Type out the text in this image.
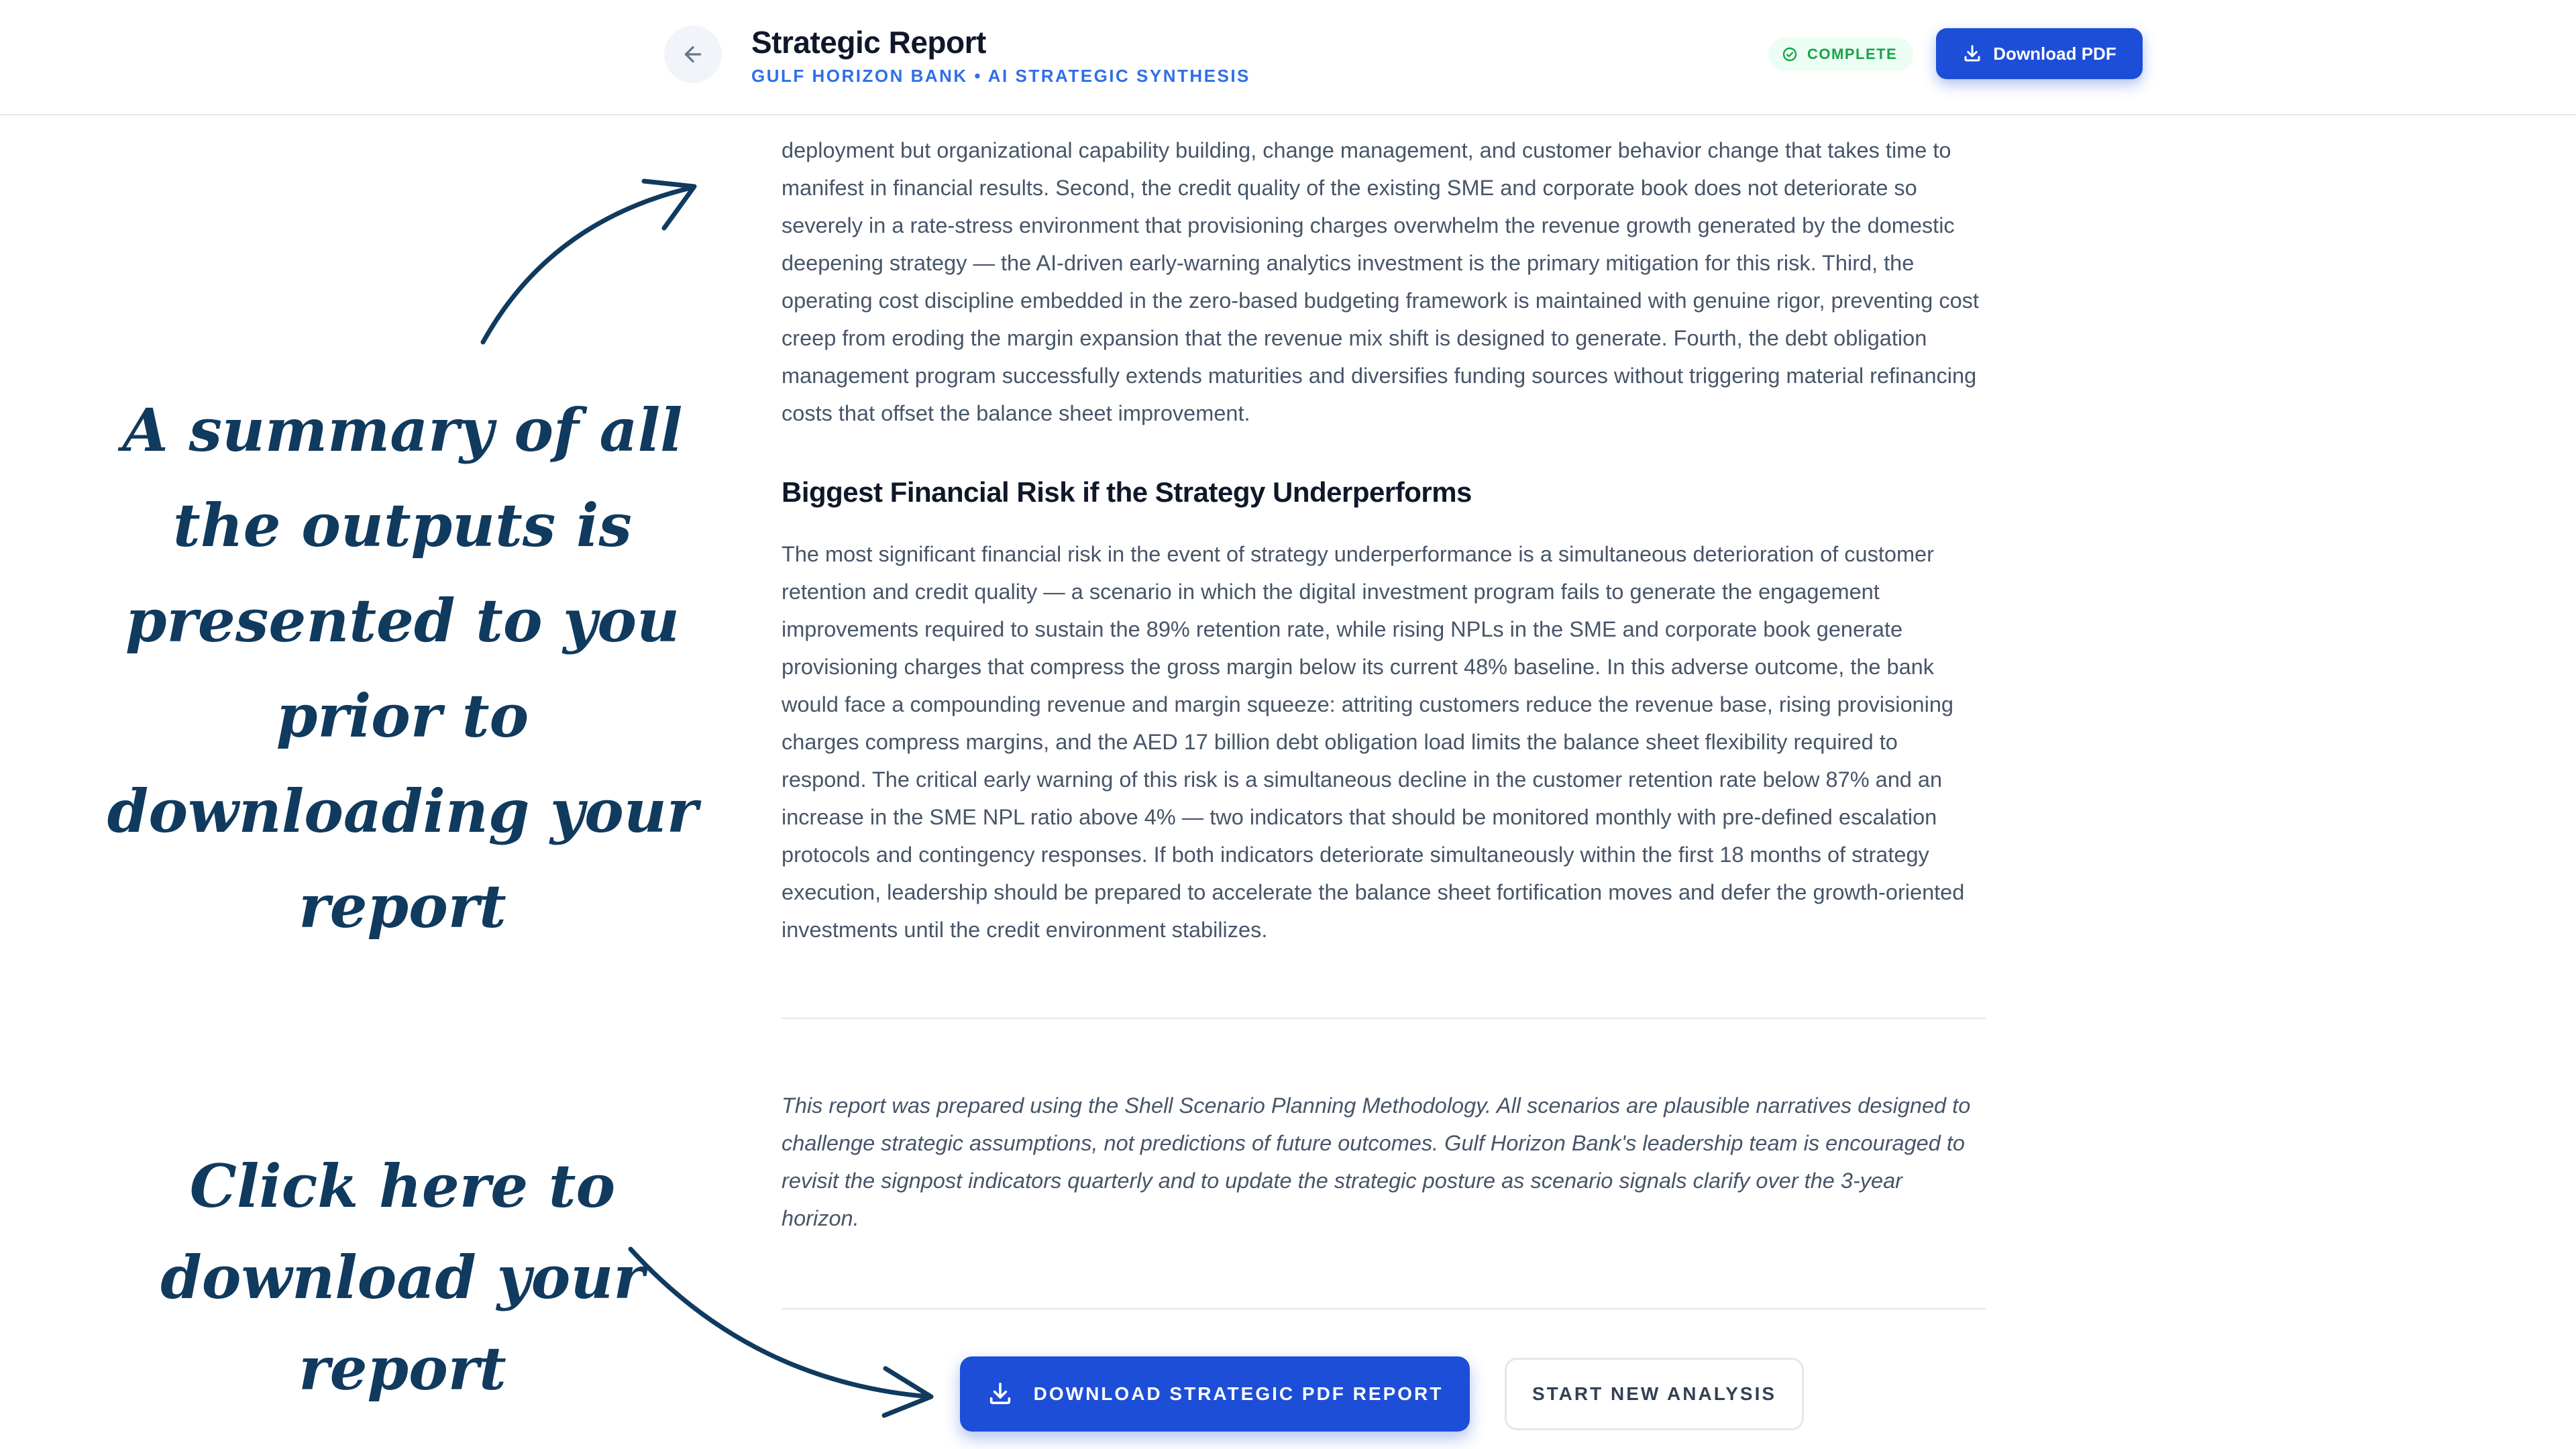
Strategic Report
GULF HORIZON BANK • AI STRATEGIC SYNTHESIS
COMPLETE	Download PDF

deployment but organizational capability building, change management, and customer behavior change that takes time to manifest in financial results. Second, the credit quality of the existing SME and corporate book does not deteriorate so severely in a rate-stress environment that provisioning charges overwhelm the revenue growth generated by the domestic deepening strategy — the AI-driven early-warning analytics investment is the primary mitigation for this risk. Third, the operating cost discipline embedded in the zero-based budgeting framework is maintained with genuine rigor, preventing cost creep from eroding the margin expansion that the revenue mix shift is designed to generate. Fourth, the debt obligation management program successfully extends maturities and diversifies funding sources without triggering material refinancing costs that offset the balance sheet improvement.

Biggest Financial Risk if the Strategy Underperforms

The most significant financial risk in the event of strategy underperformance is a simultaneous deterioration of customer retention and credit quality — a scenario in which the digital investment program fails to generate the engagement improvements required to sustain the 89% retention rate, while rising NPLs in the SME and corporate book generate provisioning charges that compress the gross margin below its current 48% baseline. In this adverse outcome, the bank would face a compounding revenue and margin squeeze: attriting customers reduce the revenue base, rising provisioning charges compress margins, and the AED 17 billion debt obligation load limits the balance sheet flexibility required to respond. The critical early warning of this risk is a simultaneous decline in the customer retention rate below 87% and an increase in the SME NPL ratio above 4% — two indicators that should be monitored monthly with pre-defined escalation protocols and contingency responses. If both indicators deteriorate simultaneously within the first 18 months of strategy execution, leadership should be prepared to accelerate the balance sheet fortification moves and defer the growth-oriented investments until the credit environment stabilizes.

This report was prepared using the Shell Scenario Planning Methodology. All scenarios are plausible narratives designed to challenge strategic assumptions, not predictions of future outcomes. Gulf Horizon Bank's leadership team is encouraged to revisit the signpost indicators quarterly and to update the strategic posture as scenario signals clarify over the 3-year horizon.

DOWNLOAD STRATEGIC PDF REPORT	START NEW ANALYSIS
A summary of all the outputs is presented to you prior to downloading your report
Click here to download your report
